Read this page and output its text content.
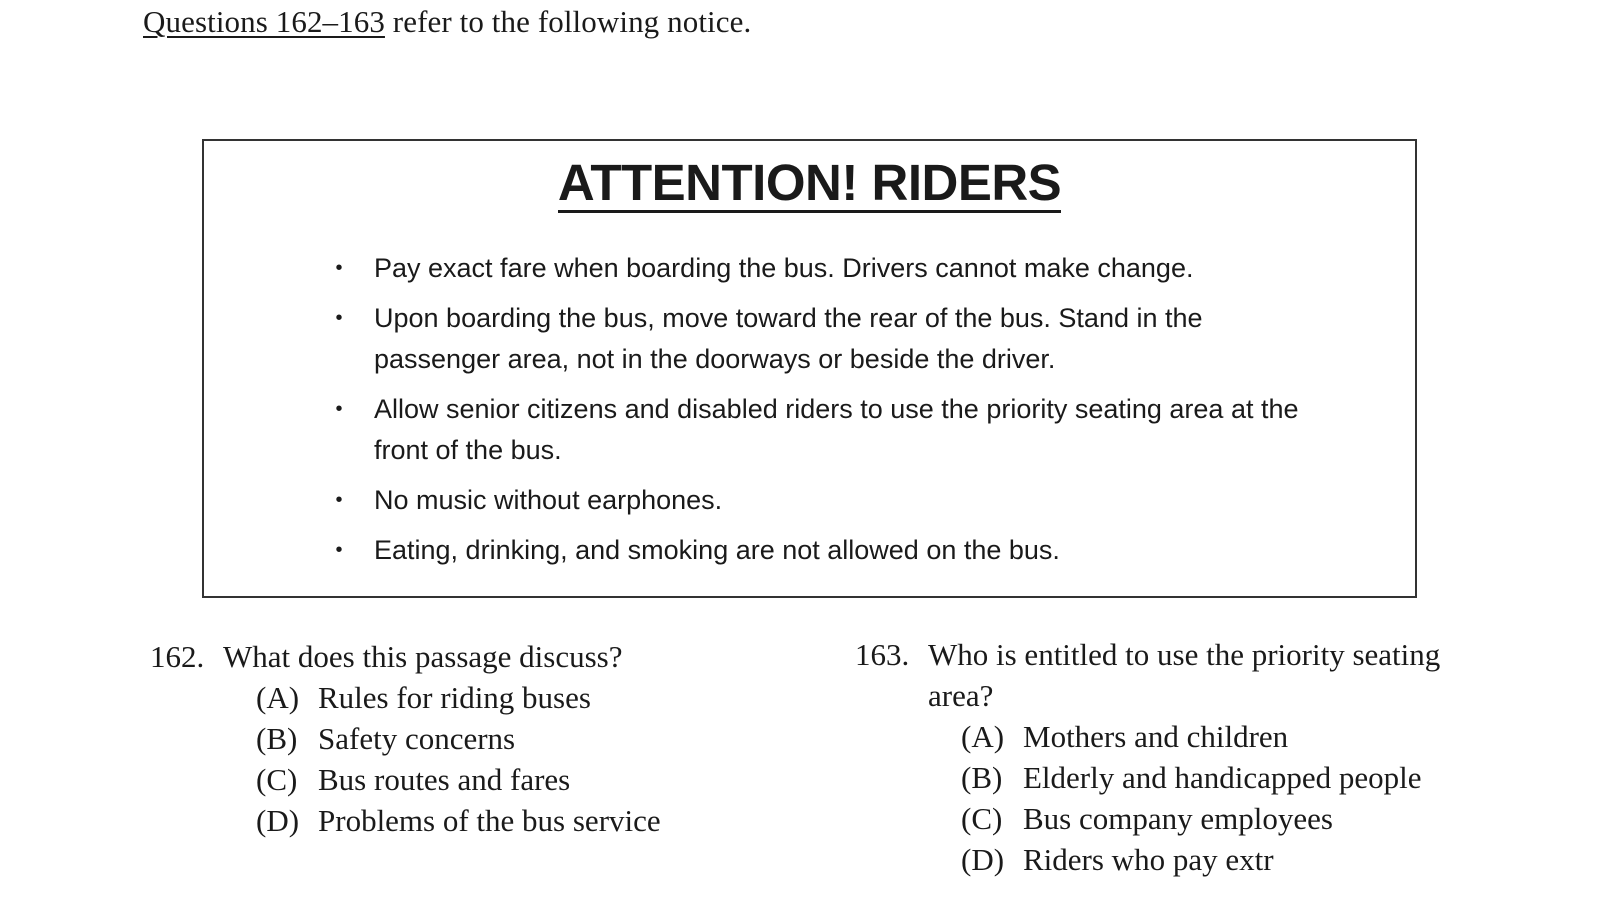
Questions 162–163 refer to the following notice.
ATTENTION! RIDERS
• Pay exact fare when boarding the bus. Drivers cannot make change.
• Upon boarding the bus, move toward the rear of the bus. Stand in the passenger area, not in the doorways or beside the driver.
• Allow senior citizens and disabled riders to use the priority seating area at the front of the bus.
• No music without earphones.
• Eating, drinking, and smoking are not allowed on the bus.
162. What does this passage discuss?
(A) Rules for riding buses
(B) Safety concerns
(C) Bus routes and fares
(D) Problems of the bus service
163. Who is entitled to use the priority seating area?
(A) Mothers and children
(B) Elderly and handicapped people
(C) Bus company employees
(D) Riders who pay extr
